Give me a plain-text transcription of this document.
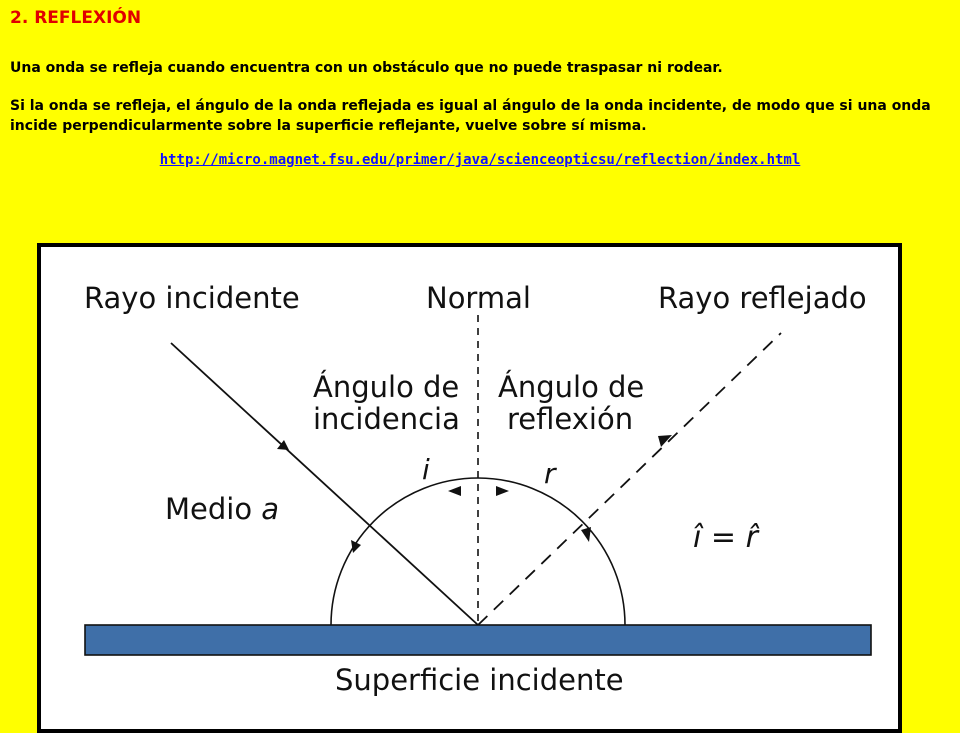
2. REFLEXIÓN

Una onda se refleja cuando encuentra con un obstáculo que no puede traspasar ni rodear.

Si la onda se refleja, el ángulo de la onda reflejada es igual al ángulo de la onda incidente, de modo que si una onda incide perpendicularmente sobre la superficie reflejante, vuelve sobre sí misma.

http://micro.magnet.fsu.edu/primer/java/scienceopticsu/reflection/index.html
Rayo incidente	Normal	Rayo reflejado
Ángulo de
incidencia
Ángulo de
reflexión
i	r
Medio a
î = r̂
Superficie incidente
